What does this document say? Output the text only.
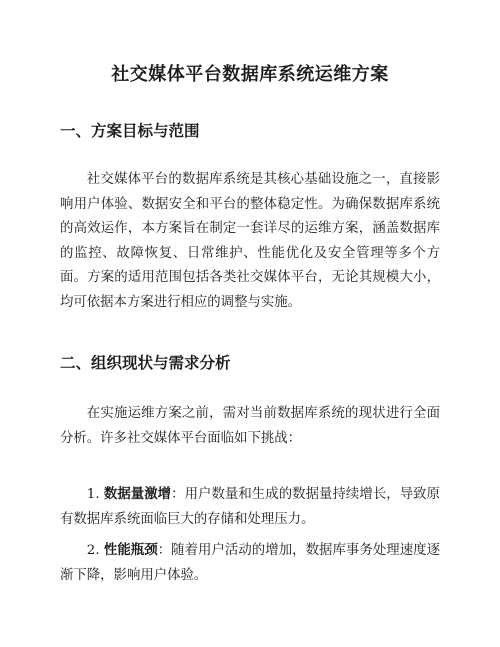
社交媒体平台数据库系统运维方案
一、方案目标与范围

社交媒体平台的数据库系统是其核心基础设施之一，直接影响用户体验、数据安全和平台的整体稳定性。为确保数据库系统的高效运作，本方案旨在制定一套详尽的运维方案，涵盖数据库的监控、故障恢复、日常维护、性能优化及安全管理等多个方面。方案的适用范围包括各类社交媒体平台，无论其规模大小，均可依据本方案进行相应的调整与实施。

二、组织现状与需求分析

在实施运维方案之前，需对当前数据库系统的现状进行全面分析。许多社交媒体平台面临如下挑战：

1. 数据量激增：用户数量和生成的数据量持续增长，导致原有数据库系统面临巨大的存储和处理压力。

2. 性能瓶颈：随着用户活动的增加，数据库事务处理速度逐渐下降，影响用户体验。
